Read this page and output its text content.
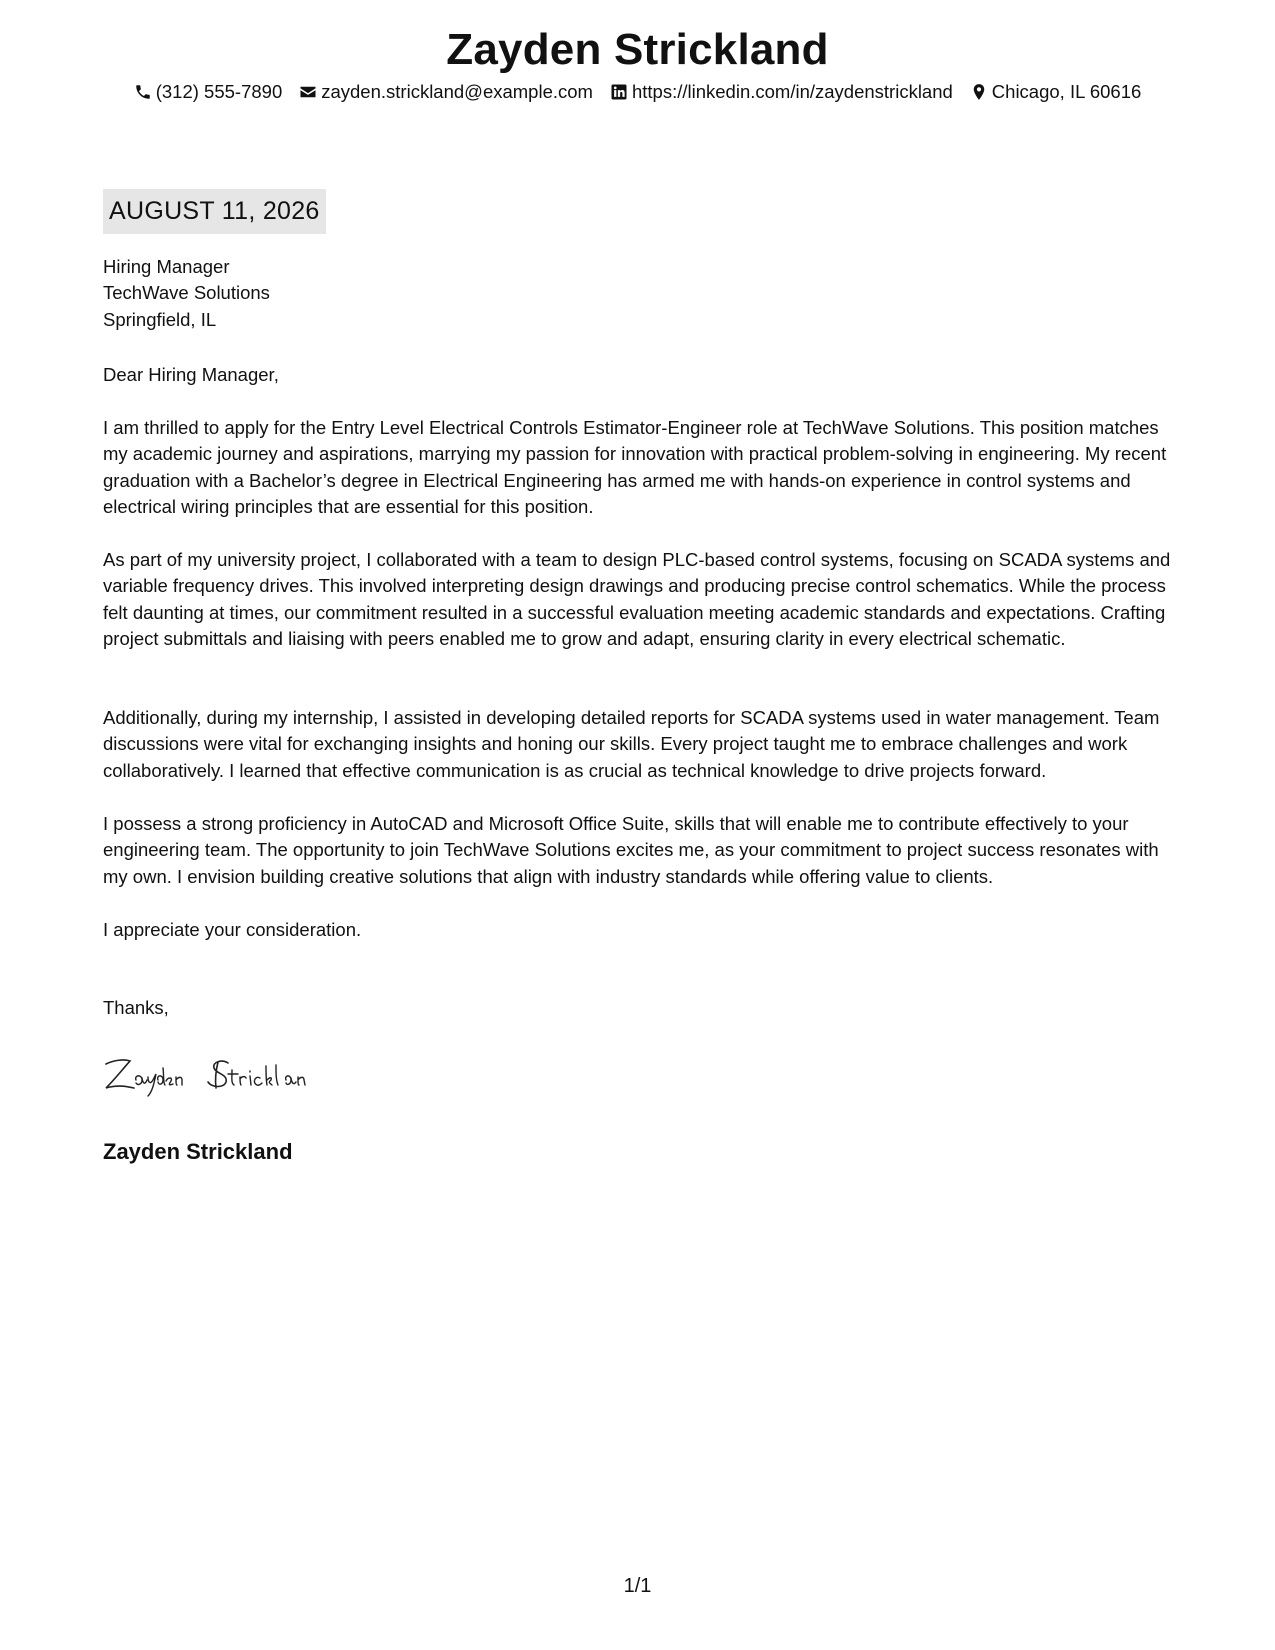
Zayden Strickland
(312) 555-7890 zayden.strickland@example.com https://linkedin.com/in/zaydenstrickland Chicago, IL 60616
AUGUST 11, 2026
Hiring Manager
TechWave Solutions
Springfield, IL
Dear Hiring Manager,

I am thrilled to apply for the Entry Level Electrical Controls Estimator-Engineer role at TechWave Solutions. This position matches my academic journey and aspirations, marrying my passion for innovation with practical problem-solving in engineering. My recent graduation with a Bachelor’s degree in Electrical Engineering has armed me with hands-on experience in control systems and electrical wiring principles that are essential for this position.

As part of my university project, I collaborated with a team to design PLC-based control systems, focusing on SCADA systems and variable frequency drives. This involved interpreting design drawings and producing precise control schematics. While the process felt daunting at times, our commitment resulted in a successful evaluation meeting academic standards and expectations. Crafting project submittals and liaising with peers enabled me to grow and adapt, ensuring clarity in every electrical schematic.

Additionally, during my internship, I assisted in developing detailed reports for SCADA systems used in water management. Team discussions were vital for exchanging insights and honing our skills. Every project taught me to embrace challenges and work collaboratively. I learned that effective communication is as crucial as technical knowledge to drive projects forward.

I possess a strong proficiency in AutoCAD and Microsoft Office Suite, skills that will enable me to contribute effectively to your engineering team. The opportunity to join TechWave Solutions excites me, as your commitment to project success resonates with my own. I envision building creative solutions that align with industry standards while offering value to clients.

I appreciate your consideration.
Thanks,
Zayden Strickland
1/1
